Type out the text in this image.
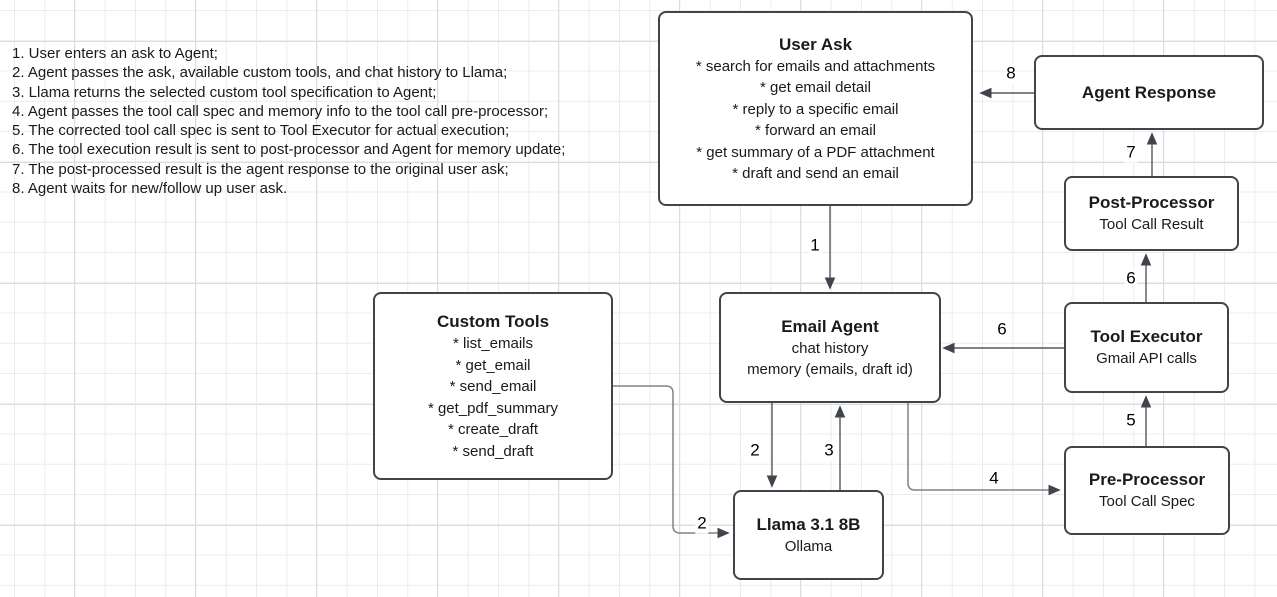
1. User enters an ask to Agent;
2. Agent passes the ask, available custom tools, and chat history to Llama;
3. Llama returns the selected custom tool specification to Agent;
4. Agent passes the tool call spec and memory info to the tool call pre-processor;
5. The corrected tool call spec is sent to Tool Executor for actual execution;
6. The tool execution result is sent to post-processor and Agent for memory update;
7. The post-processed result is the agent response to the original user ask;
8. Agent waits for new/follow up user ask.
User Ask
* search for emails and attachments
* get email detail
* reply to a specific email
* forward an email
* get summary of a PDF attachment
* draft and send an email
Agent Response
Post-Processor
Tool Call Result
Tool Executor
Gmail API calls
Pre-Processor
Tool Call Spec
Email Agent
chat history
memory (emails, draft id)
Custom Tools
* list_emails
* get_email
* send_email
* get_pdf_summary
* create_draft
* send_draft
Llama 3.1 8B
Ollama
1
2
2
3
4
5
6
6
7
8
